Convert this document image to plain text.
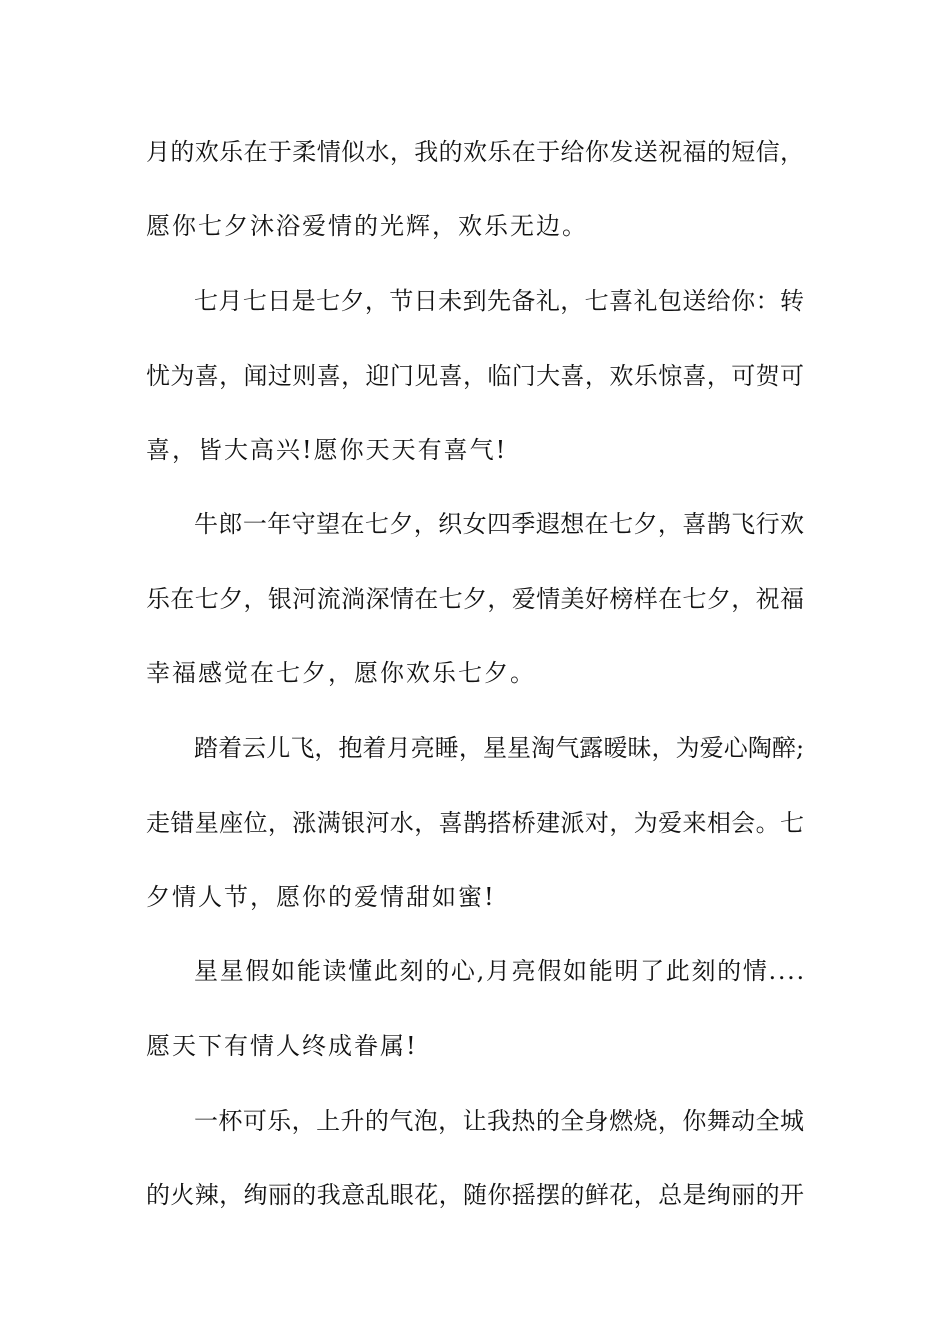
月的欢乐在于柔情似水，我的欢乐在于给你发送祝福的短信，
愿你七夕沐浴爱情的光辉，欢乐无边。
七月七日是七夕，节日未到先备礼，七喜礼包送给你：转
忧为喜，闻过则喜，迎门见喜，临门大喜，欢乐惊喜，可贺可
喜，皆大高兴!愿你天天有喜气!
牛郎一年守望在七夕，织女四季遐想在七夕，喜鹊飞行欢
乐在七夕，银河流淌深情在七夕，爱情美好榜样在七夕，祝福
幸福感觉在七夕，愿你欢乐七夕。
踏着云儿飞，抱着月亮睡，星星淘气露暧昧，为爱心陶醉;
走错星座位，涨满银河水，喜鹊搭桥建派对，为爱来相会。七
夕情人节，愿你的爱情甜如蜜!
星星假如能读懂此刻的心,月亮假如能明了此刻的情....
愿天下有情人终成眷属!
一杯可乐，上升的气泡，让我热的全身燃烧，你舞动全城
的火辣，绚丽的我意乱眼花，随你摇摆的鲜花，总是绚丽的开
